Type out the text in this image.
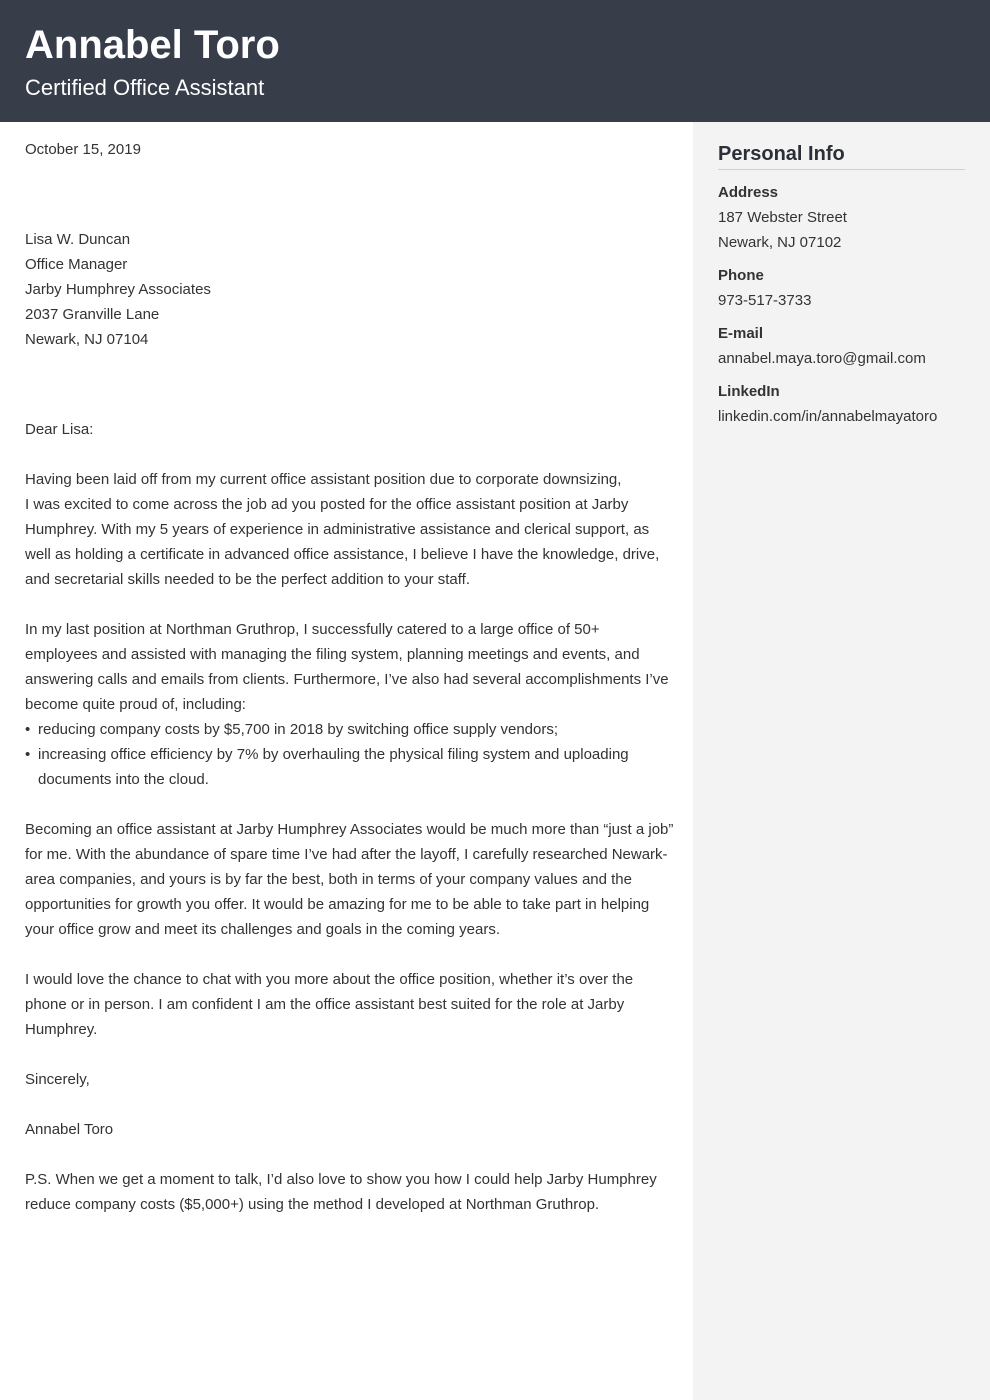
Annabel Toro
Certified Office Assistant

October 15, 2019

Lisa W. Duncan
Office Manager
Jarby Humphrey Associates
2037 Granville Lane
Newark, NJ 07104

Dear Lisa:

Having been laid off from my current office assistant position due to corporate downsizing,
I was excited to come across the job ad you posted for the office assistant position at Jarby Humphrey. With my 5 years of experience in administrative assistance and clerical support, as well as holding a certificate in advanced office assistance, I believe I have the knowledge, drive, and secretarial skills needed to be the perfect addition to your staff.

In my last position at Northman Gruthrop, I successfully catered to a large office of 50+ employees and assisted with managing the filing system, planning meetings and events, and answering calls and emails from clients. Furthermore, I’ve also had several accomplishments I’ve become quite proud of, including:

• reducing company costs by $5,700 in 2018 by switching office supply vendors;
• increasing office efficiency by 7% by overhauling the physical filing system and uploading documents into the cloud.

Becoming an office assistant at Jarby Humphrey Associates would be much more than “just a job” for me. With the abundance of spare time I’ve had after the layoff, I carefully researched Newark-area companies, and yours is by far the best, both in terms of your company values and the opportunities for growth you offer. It would be amazing for me to be able to take part in helping your office grow and meet its challenges and goals in the coming years.

I would love the chance to chat with you more about the office position, whether it’s over the phone or in person. I am confident I am the office assistant best suited for the role at Jarby Humphrey.

Sincerely,

Annabel Toro

P.S. When we get a moment to talk, I’d also love to show you how I could help Jarby Humphrey reduce company costs ($5,000+) using the method I developed at Northman Gruthrop.

Personal Info
Address
187 Webster Street
Newark, NJ 07102
Phone
973-517-3733
E-mail
annabel.maya.toro@gmail.com
LinkedIn
linkedin.com/in/annabelmayatoro
